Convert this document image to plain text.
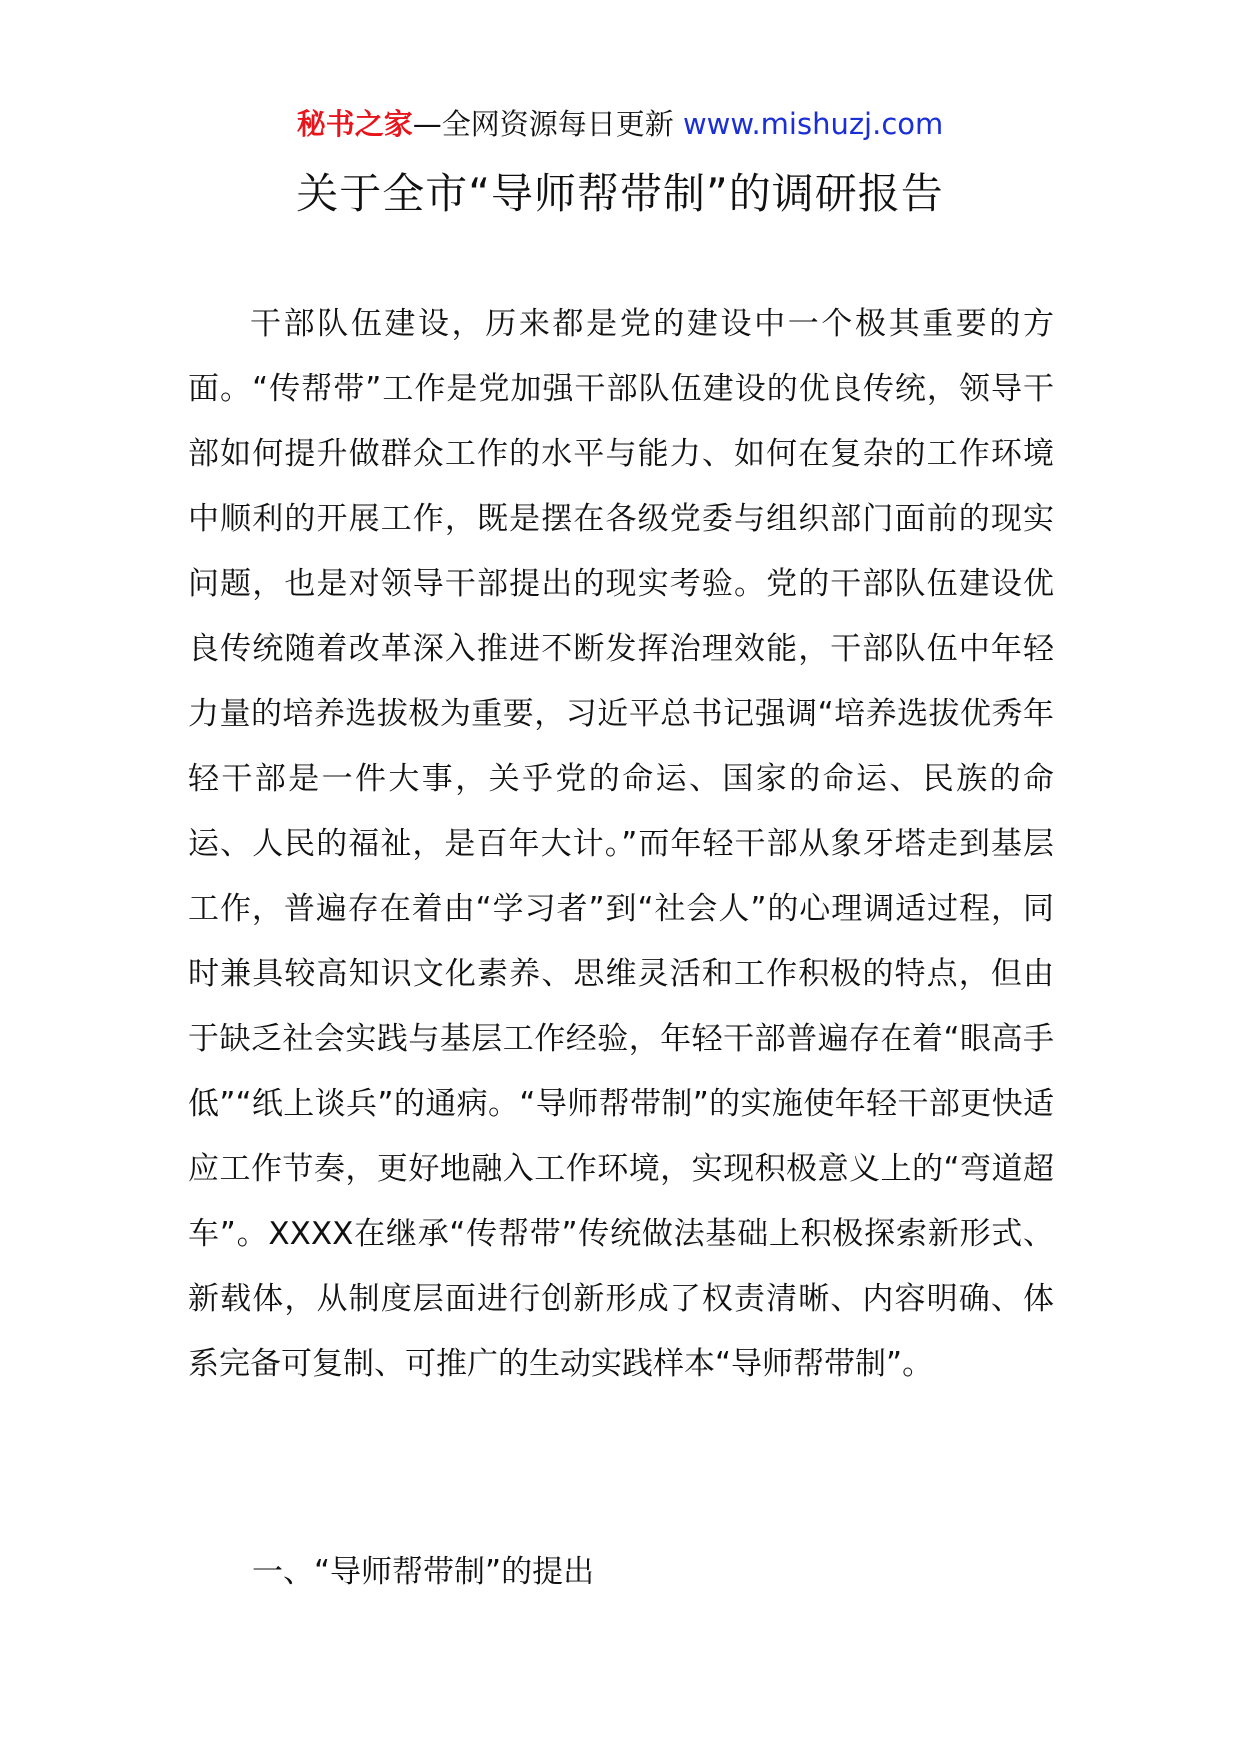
秘书之家—全网资源每日更新 www.mishuzj.com
关于全市“导师帮带制”的调研报告

干部队伍建设，历来都是党的建设中一个极其重要的方面。“传帮带”工作是党加强干部队伍建设的优良传统，领导干部如何提升做群众工作的水平与能力、如何在复杂的工作环境中顺利的开展工作，既是摆在各级党委与组织部门面前的现实问题，也是对领导干部提出的现实考验。党的干部队伍建设优良传统随着改革深入推进不断发挥治理效能，干部队伍中年轻力量的培养选拔极为重要，习近平总书记强调“培养选拔优秀年轻干部是一件大事，关乎党的命运、国家的命运、民族的命运、人民的福祉，是百年大计。”而年轻干部从象牙塔走到基层工作，普遍存在着由“学习者”到“社会人”的心理调适过程，同时兼具较高知识文化素养、思维灵活和工作积极的特点，但由于缺乏社会实践与基层工作经验，年轻干部普遍存在着“眼高手低”“纸上谈兵”的通病。“导师帮带制”的实施使年轻干部更快适应工作节奏，更好地融入工作环境，实现积极意义上的“弯道超车”。XXXX在继承“传帮带”传统做法基础上积极探索新形式、新载体，从制度层面进行创新形成了权责清晰、内容明确、体系完备可复制、可推广的生动实践样本“导师帮带制”。

一、“导师帮带制”的提出
